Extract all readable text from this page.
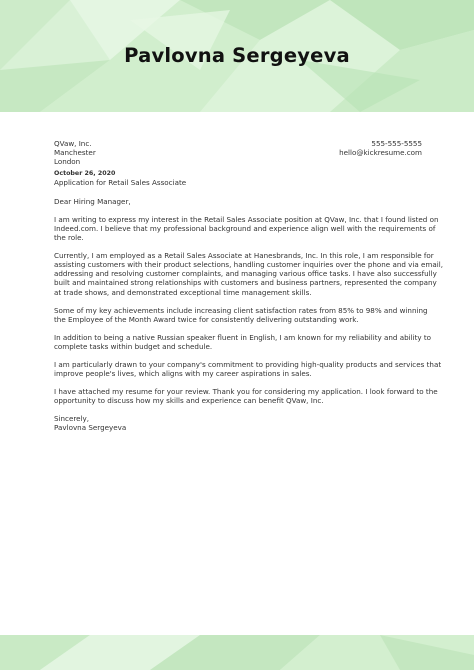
Pavlovna Sergeyeva
QVaw, Inc.
Manchester
London
555-555-5555
hello@kickresume.com
October 26, 2020
Application for Retail Sales Associate

Dear Hiring Manager,

I am writing to express my interest in the Retail Sales Associate position at QVaw, Inc. that I found listed on
Indeed.com. I believe that my professional background and experience align well with the requirements of
the role.

Currently, I am employed as a Retail Sales Associate at Hanesbrands, Inc. In this role, I am responsible for
assisting customers with their product selections, handling customer inquiries over the phone and via email,
addressing and resolving customer complaints, and managing various office tasks. I have also successfully
built and maintained strong relationships with customers and business partners, represented the company
at trade shows, and demonstrated exceptional time management skills.

Some of my key achievements include increasing client satisfaction rates from 85% to 98% and winning
the Employee of the Month Award twice for consistently delivering outstanding work.

In addition to being a native Russian speaker fluent in English, I am known for my reliability and ability to
complete tasks within budget and schedule.

I am particularly drawn to your company's commitment to providing high-quality products and services that
improve people's lives, which aligns with my career aspirations in sales.

I have attached my resume for your review. Thank you for considering my application. I look forward to the
opportunity to discuss how my skills and experience can benefit QVaw, Inc.

Sincerely,
Pavlovna Sergeyeva
